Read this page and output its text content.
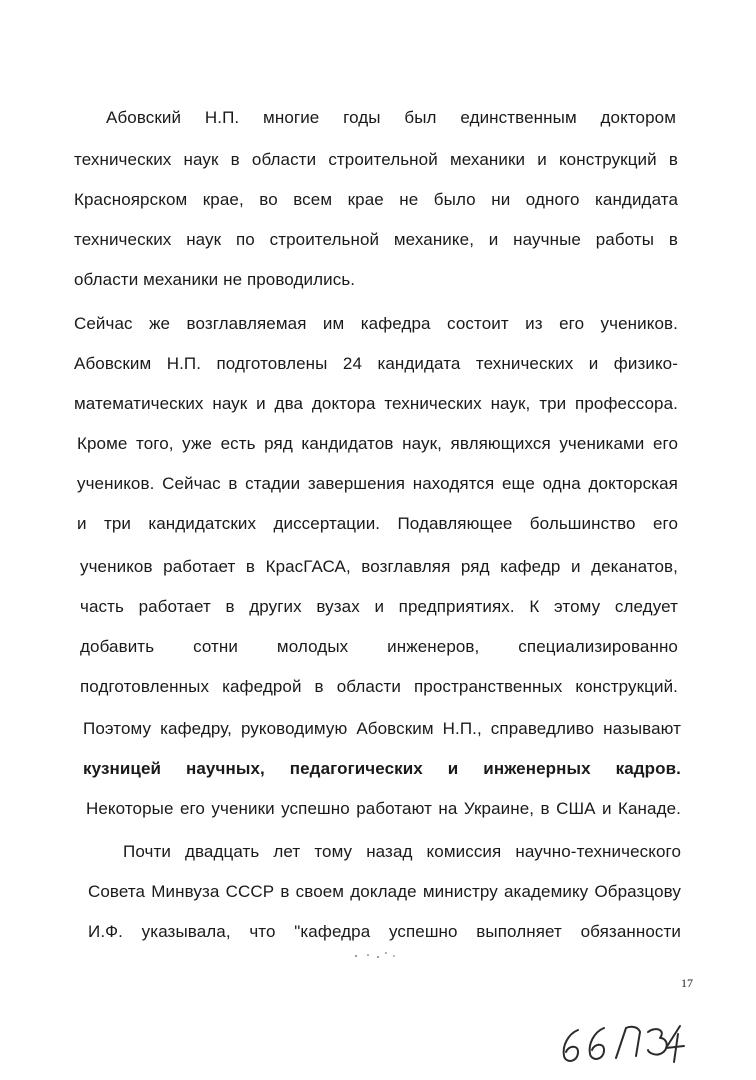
Абовский Н.П. многие годы был единственным доктором
технических наук в области строительной механики и конструкций в
Красноярском крае, во всем крае не было ни одного кандидата
технических наук по строительной механике, и научные работы в
области механики не проводились.
Сейчас же возглавляемая им кафедра состоит из его учеников.
Абовским Н.П. подготовлены 24 кандидата технических и физико-
математических наук и два доктора технических наук, три профессора.
Кроме того, уже есть ряд кандидатов наук, являющихся учениками его
учеников. Сейчас в стадии завершения находятся еще одна докторская
и три кандидатских диссертации. Подавляющее большинство его
учеников работает в КрасГАСА, возглавляя ряд кафедр и деканатов,
часть работает в других вузах и предприятиях. К этому следует
добавить сотни молодых инженеров, специализированно
подготовленных кафедрой в области пространственных конструкций.
Поэтому кафедру, руководимую Абовским Н.П., справедливо называют
кузницей научных, педагогических и инженерных кадров.
Некоторые его ученики успешно работают на Украине, в США и Канаде.
Почти двадцать лет тому назад комиссия научно-технического
Совета Минвуза СССР в своем докладе министру академику Образцову
И.Ф. указывала, что "кафедра успешно выполняет обязанности
17
